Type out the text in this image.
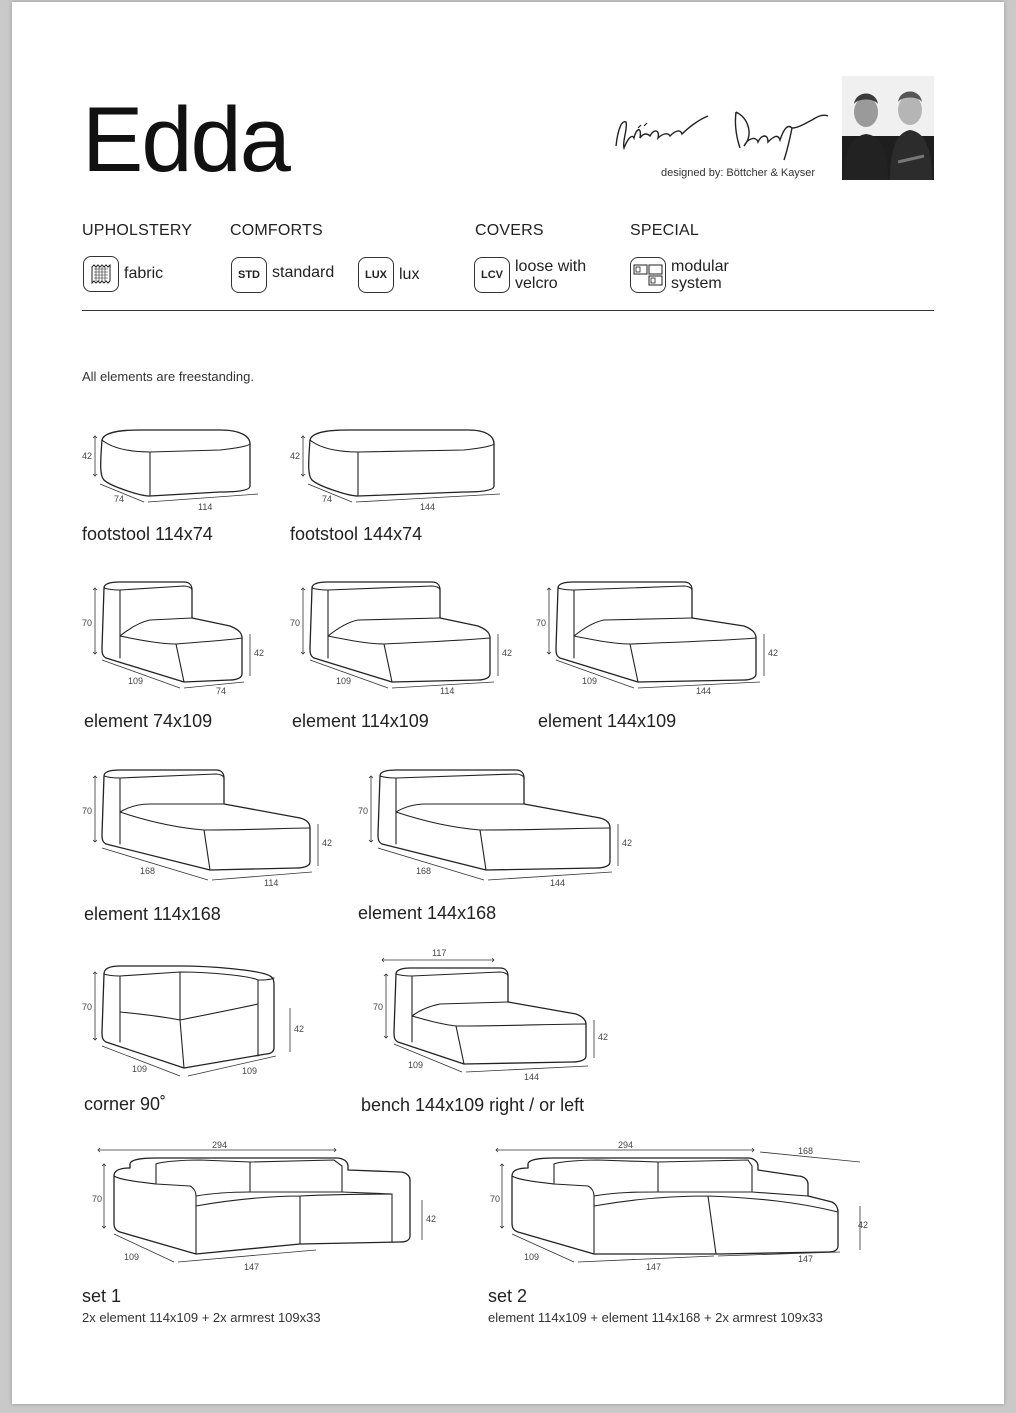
Edda	designed by: Böttcher & Kayser
UPHOLSTERY COMFORTS	COVERS	SPECIAL
fabric	STD standard	LUX lux	LCV loose with
velcro
modular
system
All elements are freestanding.
42
74
114
footstool 114x74
42
74
144
footstool 144x74
70
42
109
74
element 74x109
70
42
109
114
element 114x109
70
42
109
144
element 144x109
70
42
168
114
element 114x168
70
42
168
144
element 144x168
70
42
109	109
corner 90˚
117
70
42
109
144
bench 144x109 right / or left
294
70
42
109
147
set 1
2x element 114x109 + 2x armrest 109x33
294
168
70
42
109
147
147
set 2
element 114x109 + element 114x168 + 2x armrest 109x33
